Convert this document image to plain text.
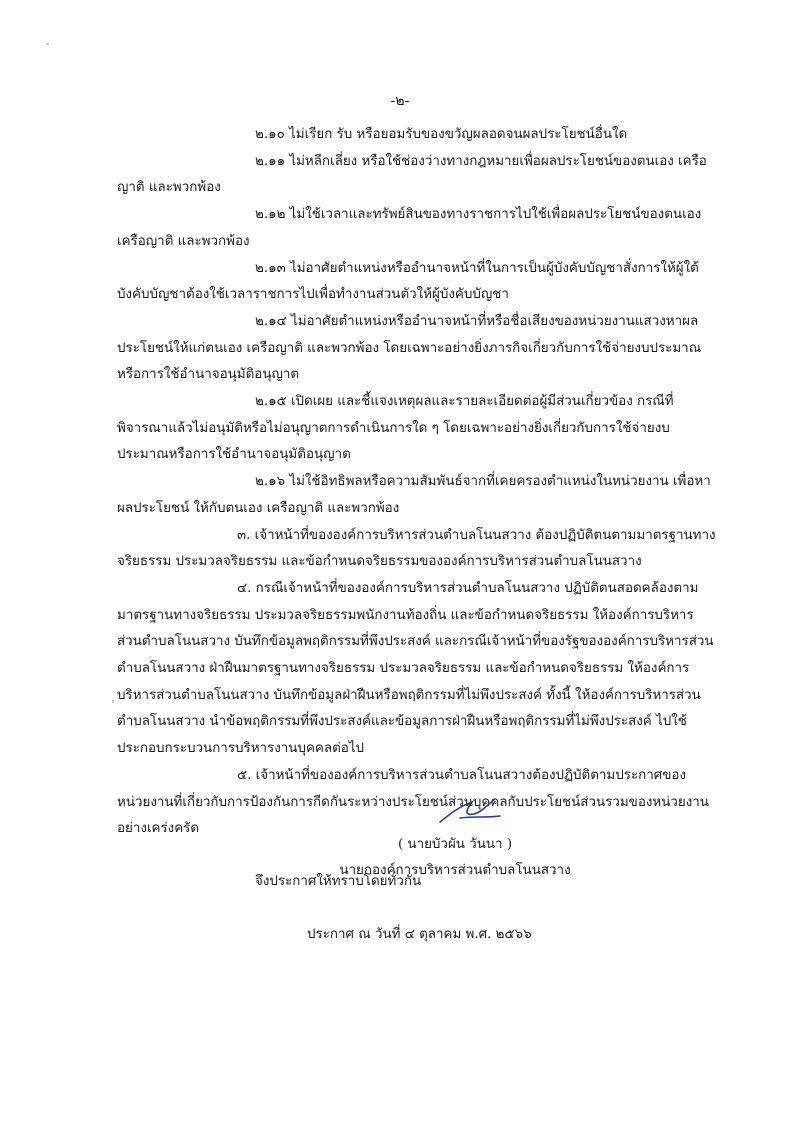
-๒-

๒.๑๐ ไม่เรียก รับ หรือยอมรับของขวัญผลอดจนผลประโยชน์อื่นใด

๒.๑๑ ไม่หลีกเลี่ยง หรือใช้ช่องว่างทางกฎหมายเพื่อผลประโยชน์ของตนเอง เครือญาติ และพวกพ้อง

๒.๑๒ ไม่ใช้เวลาและทรัพย์สินของทางราชการไปใช้เพื่อผลประโยชน์ของตนเอง เครือญาติ และพวกพ้อง

๒.๑๓ ไม่อาศัยตำแหน่งหรืออำนาจหน้าที่ในการเป็นผู้บังคับบัญชาสั่งการให้ผู้ใต้บังคับบัญชาต้องใช้เวลาราชการไปเพื่อทำงานส่วนตัวให้ผู้บังคับบัญชา

๒.๑๔ ไม่อาศัยตำแหน่งหรืออำนาจหน้าที่หรือชื่อเสียงของหน่วยงานแสวงหาผลประโยชน์ให้แก่ตนเอง เครือญาติ และพวกพ้อง โดยเฉพาะอย่างยิ่งภารกิจเกี่ยวกับการใช้จ่ายงบประมาณหรือการใช้อำนาจอนุมัติอนุญาต

๒.๑๕ เปิดเผย และชี้แจงเหตุผลและรายละเอียดต่อผู้มีส่วนเกี่ยวข้อง กรณีที่พิจารณาแล้วไม่อนุมัติหรือไม่อนุญาตการดำเนินการใด ๆ โดยเฉพาะอย่างยิ่งเกี่ยวกับการใช้จ่ายงบประมาณหรือการใช้อำนาจอนุมัติอนุญาต

๒.๑๖ ไม่ใช้อิทธิพลหรือความสัมพันธ์จากที่เคยครองตำแหน่งในหน่วยงาน เพื่อหาผลประโยชน์ ให้กับตนเอง เครือญาติ และพวกพ้อง

๓. เจ้าหน้าที่ขององค์การบริหารส่วนตำบลโนนสวาง ต้องปฏิบัติตนตามมาตรฐานทางจริยธรรม ประมวลจริยธรรม และข้อกำหนดจริยธรรมขององค์การบริหารส่วนตำบลโนนสวาง

๔. กรณีเจ้าหน้าที่ขององค์การบริหารส่วนตำบลโนนสวาง ปฏิบัติตนสอดคล้องตามมาตรฐานทางจริยธรรม ประมวลจริยธรรมพนักงานท้องถิ่น และข้อกำหนดจริยธรรม ให้องค์การบริหารส่วนตำบลโนนสวาง บันทึกข้อมูลพฤติกรรมที่พึงประสงค์ และกรณีเจ้าหน้าที่ของรัฐขององค์การบริหารส่วนตำบลโนนสวาง ฝ่าฝืนมาตรฐานทางจริยธรรม ประมวลจริยธรรม และข้อกำหนดจริยธรรม ให้องค์การบริหารส่วนตำบลโนนสวาง บันทึกข้อมูลฝ่าฝืนหรือพฤติกรรมที่ไม่พึงประสงค์ ทั้งนี้ ให้องค์การบริหารส่วนตำบลโนนสวาง นำข้อพฤติกรรมที่พึงประสงค์และข้อมูลการฝ่าฝืนหรือพฤติกรรมที่ไม่พึงประสงค์ ไปใช้ประกอบกระบวนการบริหารงานบุคคลต่อไป

๕. เจ้าหน้าที่ขององค์การบริหารส่วนตำบลโนนสวางต้องปฏิบัติตามประกาศของหน่วยงานที่เกี่ยวกับการป้องกันการกีดกันระหว่างประโยชน์ส่วนบุคคลกับประโยชน์ส่วนรวมของหน่วยงานอย่างเคร่งครัด

จึงประกาศให้ทราบโดยทั่วกัน

ประกาศ ณ วันที่ ๔ ตุลาคม พ.ศ. ๒๕๖๖

( นายบัวผัน วันนา )
นายกองค์การบริหารส่วนตำบลโนนสวาง
